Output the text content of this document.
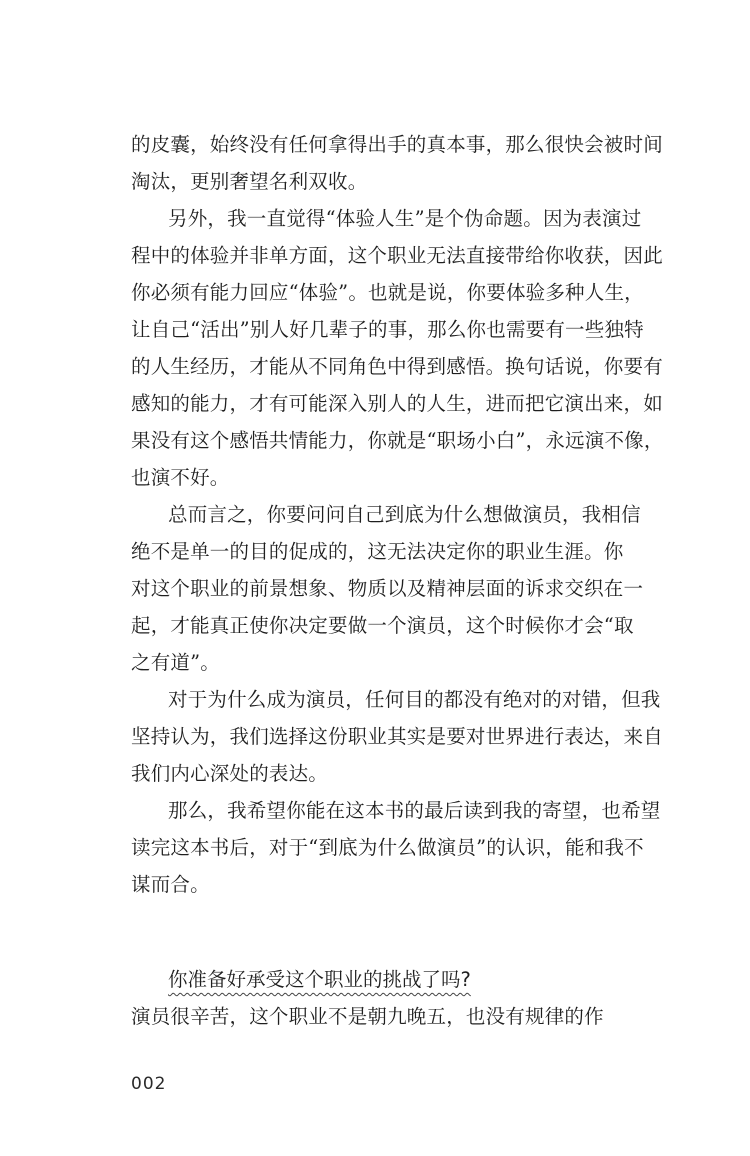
的皮囊，始终没有任何拿得出手的真本事，那么很快会被时间
淘汰，更别奢望名利双收。
另外，我一直觉得“体验人生”是个伪命题。因为表演过
程中的体验并非单方面，这个职业无法直接带给你收获，因此
你必须有能力回应“体验”。也就是说，你要体验多种人生，
让自己“活出”别人好几辈子的事，那么你也需要有一些独特
的人生经历，才能从不同角色中得到感悟。换句话说，你要有
感知的能力，才有可能深入别人的人生，进而把它演出来，如
果没有这个感悟共情能力，你就是“职场小白”，永远演不像，
也演不好。
总而言之，你要问问自己到底为什么想做演员，我相信
绝不是单一的目的促成的，这无法决定你的职业生涯。你
对这个职业的前景想象、物质以及精神层面的诉求交织在一
起，才能真正使你决定要做一个演员，这个时候你才会“取
之有道”。
对于为什么成为演员，任何目的都没有绝对的对错，但我
坚持认为，我们选择这份职业其实是要对世界进行表达，来自
我们内心深处的表达。
那么，我希望你能在这本书的最后读到我的寄望，也希望
读完这本书后，对于“到底为什么做演员”的认识，能和我不
谋而合。
你准备好承受这个职业的挑战了吗?
演员很辛苦，这个职业不是朝九晚五，也没有规律的作
002
